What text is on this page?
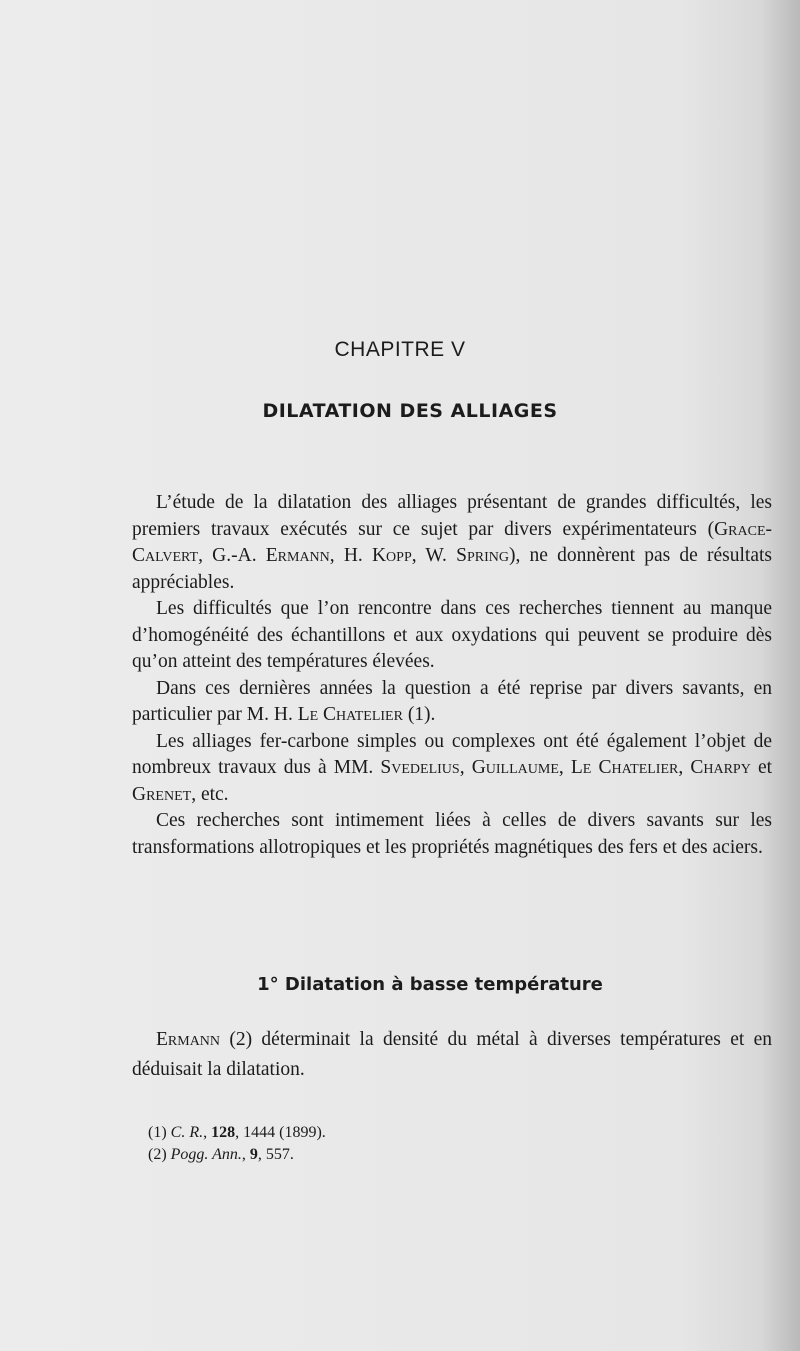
CHAPITRE V
DILATATION DES ALLIAGES

L’étude de la dilatation des alliages présentant de grandes difficultés, les premiers travaux exécutés sur ce sujet par divers expérimentateurs (Grace-Calvert, G.-A. Ermann, H. Kopp, W. Spring), ne donnèrent pas de résultats appréciables.

Les difficultés que l’on rencontre dans ces recherches tiennent au manque d’homogénéité des échantillons et aux oxydations qui peuvent se produire dès qu’on atteint des températures élevées.

Dans ces dernières années la question a été reprise par divers savants, en particulier par M. H. Le Chatelier (1).

Les alliages fer-carbone simples ou complexes ont été également l’objet de nombreux travaux dus à MM. Svedelius, Guillaume, Le Chatelier, Charpy et Grenet, etc.

Ces recherches sont intimement liées à celles de divers savants sur les transformations allotropiques et les propriétés magnétiques des fers et des aciers.

1° Dilatation à basse température

Ermann (2) déterminait la densité du métal à diverses températures et en déduisait la dilatation.

(1) C. R., 128, 1444 (1899).
(2) Pogg. Ann., 9, 557.
